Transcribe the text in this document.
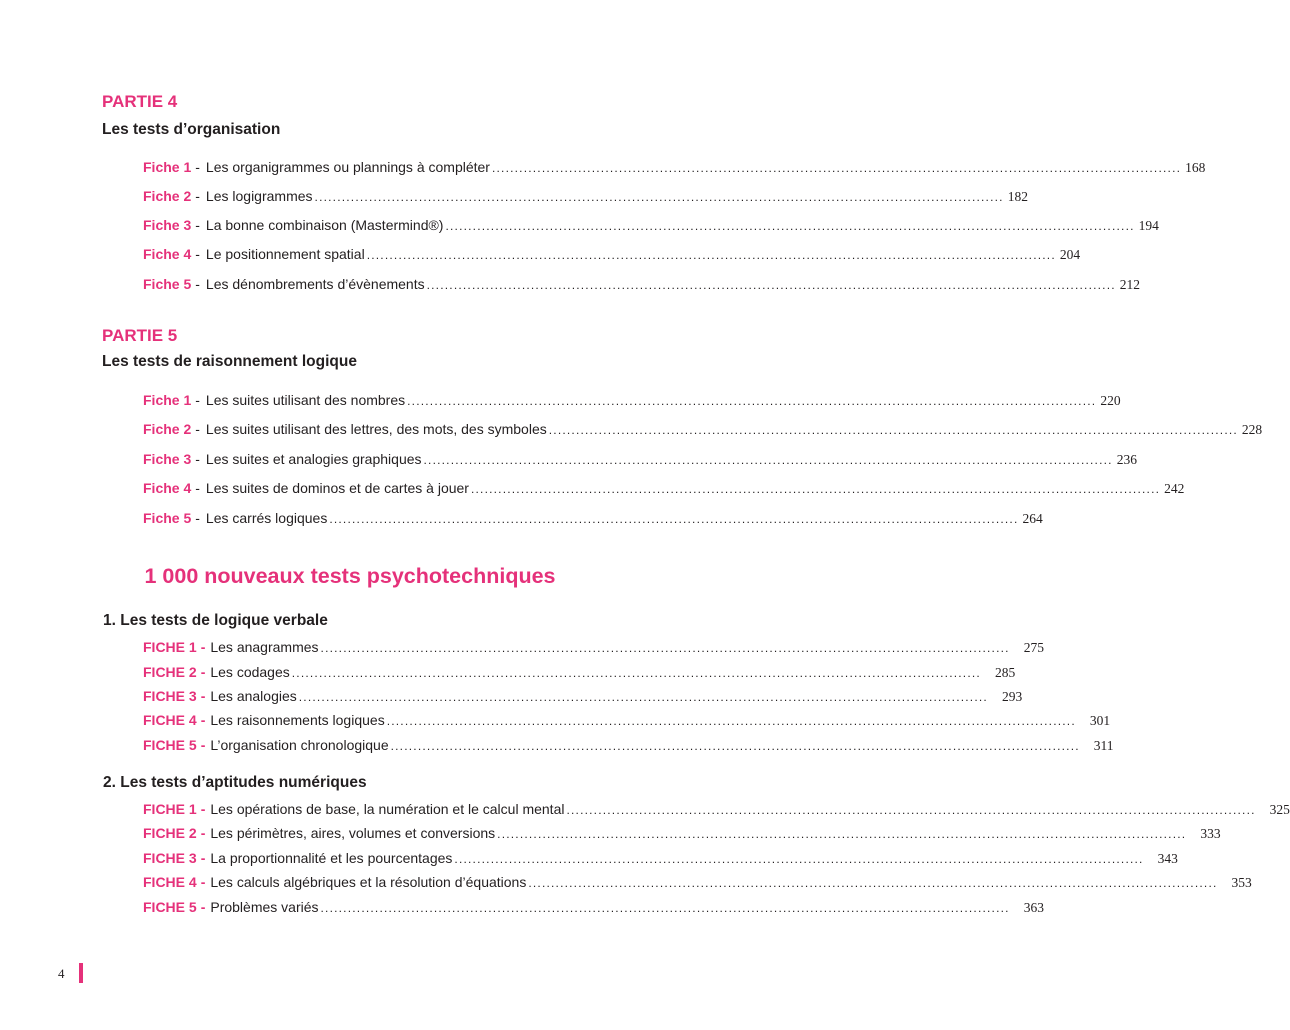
PARTIE 4
Les tests d’organisation
Fiche 1 - Les organigrammes ou plannings à compléter ........................................................................................................................................................ 168
Fiche 2 - Les logigrammes ........................................................................................................................................................ 182
Fiche 3 - La bonne combinaison (Mastermind®) ........................................................................................................................................................ 194
Fiche 4 - Le positionnement spatial ........................................................................................................................................................ 204
Fiche 5 - Les dénombrements d’évènements ........................................................................................................................................................ 212
PARTIE 5
Les tests de raisonnement logique
Fiche 1 - Les suites utilisant des nombres ........................................................................................................................................................ 220
Fiche 2 - Les suites utilisant des lettres, des mots, des symboles ........................................................................................................................................................ 228
Fiche 3 - Les suites et analogies graphiques ........................................................................................................................................................ 236
Fiche 4 - Les suites de dominos et de cartes à jouer ........................................................................................................................................................ 242
Fiche 5 - Les carrés logiques ........................................................................................................................................................ 264
1 000 nouveaux tests psychotechniques
1. Les tests de logique verbale
FICHE 1 - Les anagrammes ........................................................................................................................................................ 275
FICHE 2 - Les codages ........................................................................................................................................................ 285
FICHE 3 - Les analogies ........................................................................................................................................................ 293
FICHE 4 - Les raisonnements logiques ........................................................................................................................................................ 301
FICHE 5 - L’organisation chronologique ........................................................................................................................................................ 311
2. Les tests d’aptitudes numériques
FICHE 1 - Les opérations de base, la numération et le calcul mental ........................................................................................................................................................ 325
FICHE 2 - Les périmètres, aires, volumes et conversions ........................................................................................................................................................ 333
FICHE 3 - La proportionnalité et les pourcentages ........................................................................................................................................................ 343
FICHE 4 - Les calculs algébriques et la résolution d’équations ........................................................................................................................................................ 353
FICHE 5 - Problèmes variés ........................................................................................................................................................ 363
4
